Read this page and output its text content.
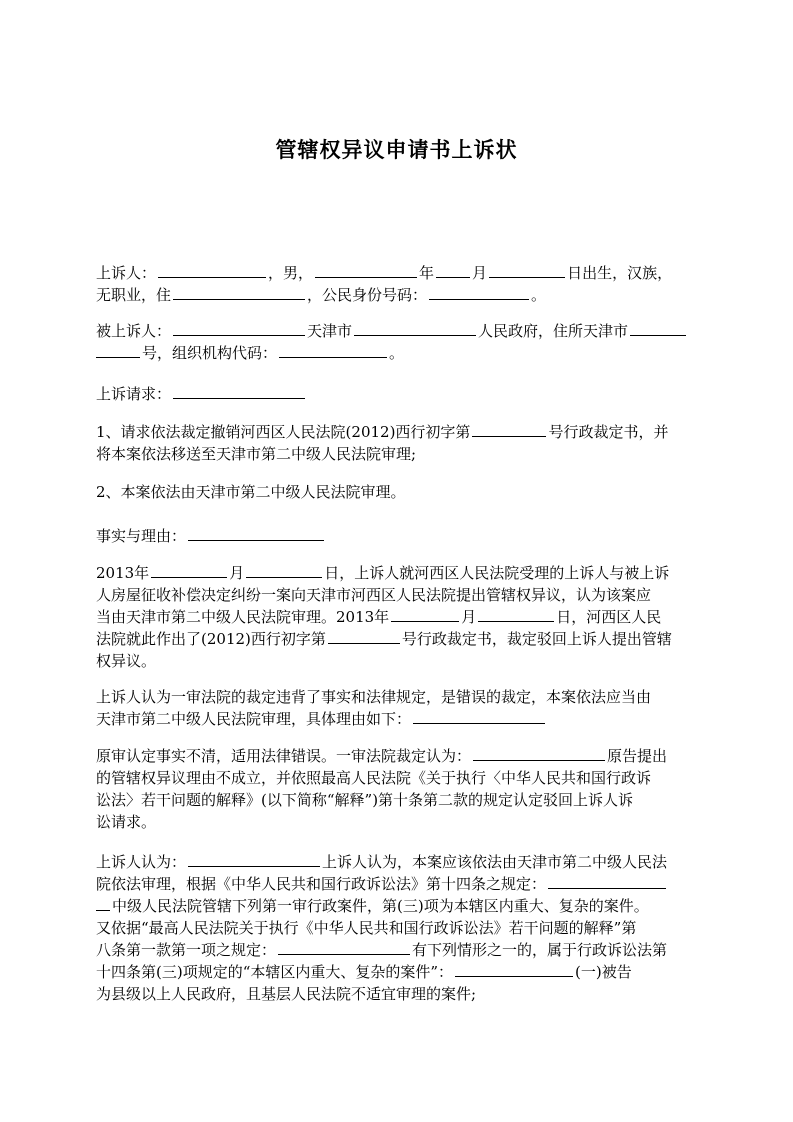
管辖权异议申请书上诉状
上诉人：	，男，	年	月	日出生，汉族，
无职业，住	，公民身份号码：	。
被上诉人：	天津市	人民政府，住所天津市
号，组织机构代码：	。
上诉请求：
1、请求依法裁定撤销河西区人民法院(2012)西行初字第	号行政裁定书，并
将本案依法移送至天津市第二中级人民法院审理;
2、本案依法由天津市第二中级人民法院审理。
事实与理由：
2013年	月	日，上诉人就河西区人民法院受理的上诉人与被上诉
人房屋征收补偿决定纠纷一案向天津市河西区人民法院提出管辖权异议，认为该案应
当由天津市第二中级人民法院审理。2013年	月	日，河西区人民
法院就此作出了(2012)西行初字第	号行政裁定书，裁定驳回上诉人提出管辖
权异议。
上诉人认为一审法院的裁定违背了事实和法律规定，是错误的裁定，本案依法应当由
天津市第二中级人民法院审理，具体理由如下：
原审认定事实不清，适用法律错误。一审法院裁定认为：	原告提出
的管辖权异议理由不成立，并依照最高人民法院《关于执行〈中华人民共和国行政诉
讼法〉若干问题的解释》(以下简称“解释”)第十条第二款的规定认定驳回上诉人诉
讼请求。
上诉人认为：	上诉人认为，本案应该依法由天津市第二中级人民法
院依法审理，根据《中华人民共和国行政诉讼法》第十四条之规定：
中级人民法院管辖下列第一审行政案件，第(三)项为本辖区内重大、复杂的案件。
又依据“最高人民法院关于执行《中华人民共和国行政诉讼法》若干问题的解释”第
八条第一款第一项之规定：	有下列情形之一的，属于行政诉讼法第
十四条第(三)项规定的“本辖区内重大、复杂的案件”：	(一)被告
为县级以上人民政府，且基层人民法院不适宜审理的案件;
